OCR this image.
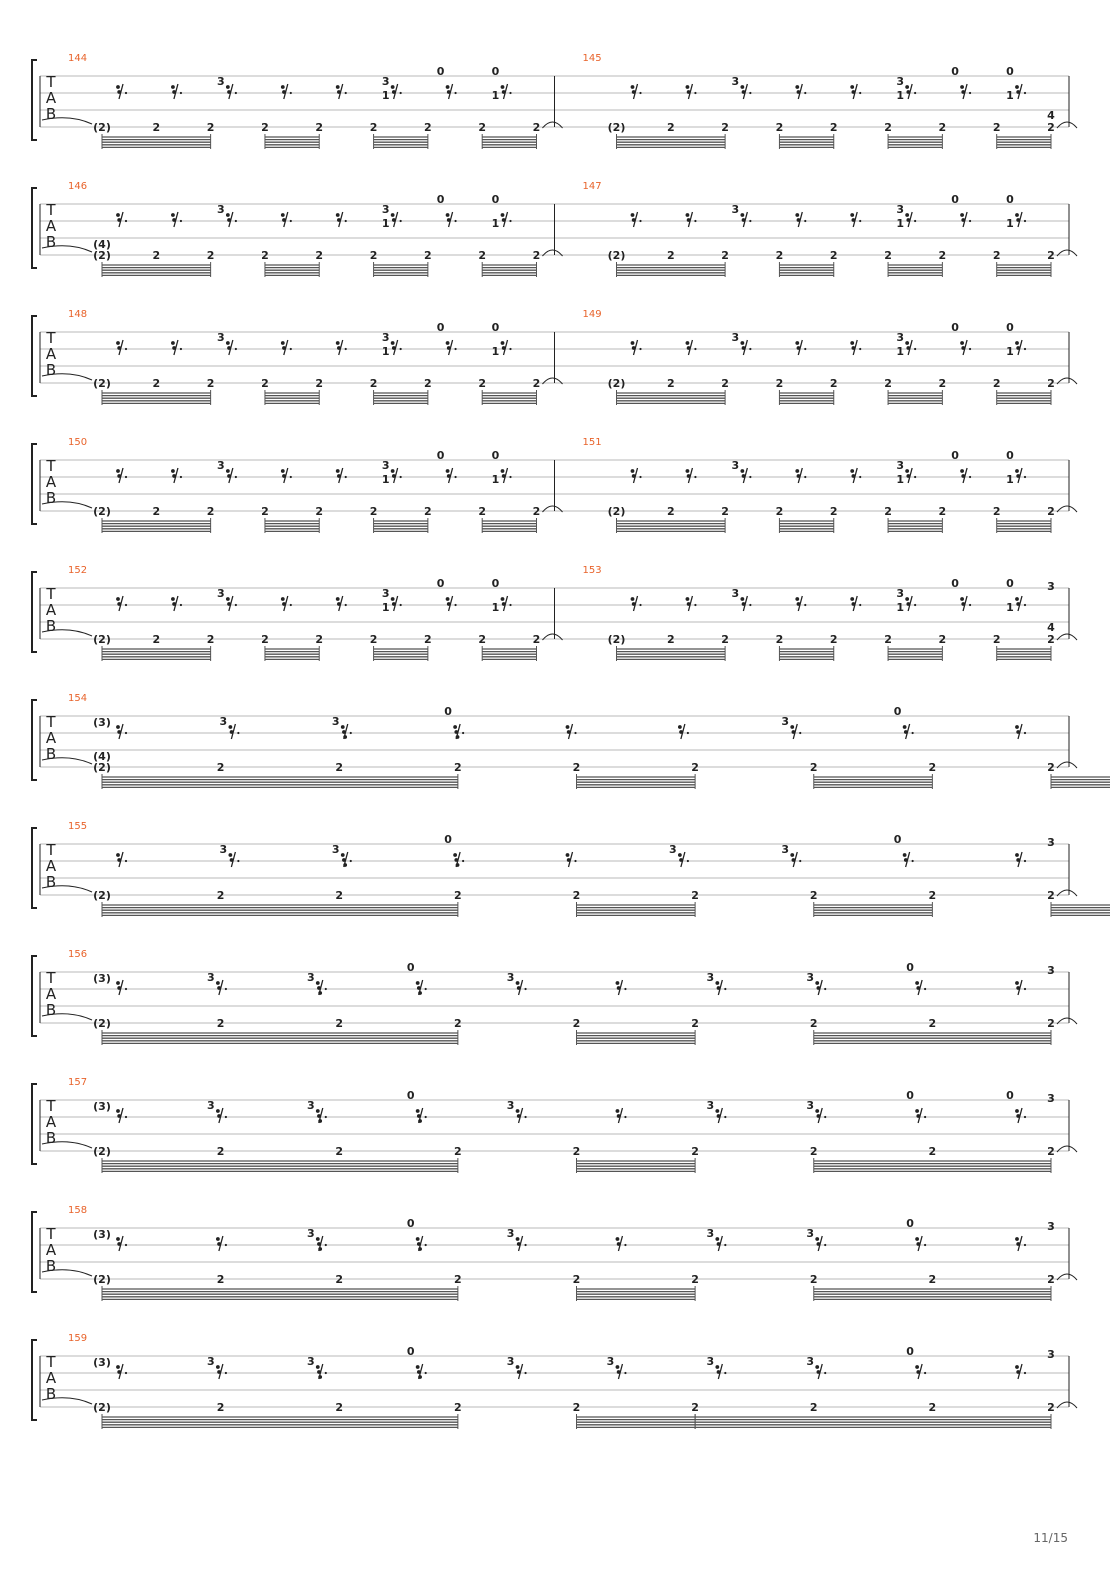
T
A
B
144
3	3
1
0	0
1
(2)	2	2	2	2	2	2	2	2
145
3	3
1
0	0
1
4
(2)	2	2	2	2	2	2	2	2
T
A
B
146
3	3
1
0	0
1
(4)
(2)	2	2	2	2	2	2	2	2
147
3	3
1
0	0
1
(2)	2	2	2	2	2	2	2	2
T
A
B
148
3	3
1
0	0
1
(2)	2	2	2	2	2	2	2	2
149
3	3
1
0	0
1
(2)	2	2	2	2	2	2	2	2
T
A
B
150
3	3
1
0	0
1
(2)	2	2	2	2	2	2	2	2
151
3	3
1
0	0
1
(2)	2	2	2	2	2	2	2	2
T
A
B
152
3	3
1
0	0
1
(2)	2	2	2	2	2	2	2	2
153
3	3
1
0	0
1
3
4
(2)	2	2	2	2	2	2	2	2
T
A
B
154
3	3
0
3
0
(3)
(4)
(2)	2	2	2	2	2	2	2	2
T
A
B
155
3	3
0
3	3
0	3
(2)	2	2	2	2	2	2	2	2
T
A
B
156
3	3
0
3	3	3
0
(3)
3
(2)	2	2	2	2	2	2	2	2
T
A
B
157
3	3
0
3	3	3
0	0
(3)
3
(2)	2	2	2	2	2	2	2	2
T
A
B
158
3
0
3	3	3
0
(3)
3
(2)	2	2	2	2	2	2	2	2
T
A
B
159
3	3
0
3	3	3	3
0
(3)
3
(2)	2	2	2	2	2	2	2	2
11/15
